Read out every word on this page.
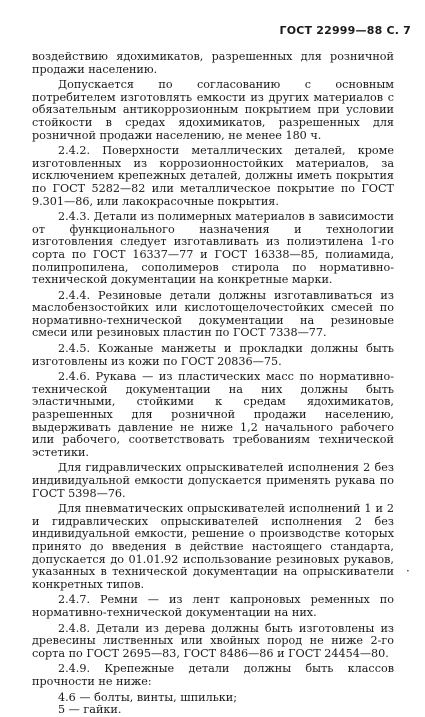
ГОСТ 22999—88 С. 7

воздействию ядохимикатов, разрешенных для розничной продажи населению.

Допускается по согласованию с основным потребителем изготовлять емкости из других материалов с обязательным антикоррозионным покрытием при условии стойкости в средах ядохимикатов, разрешенных для розничной продажи населению, не менее 180 ч.

2.4.2. Поверхности металлических деталей, кроме изготовленных из коррозионностойких материалов, за исключением крепежных деталей, должны иметь покрытия по ГОСТ 5282—82 или металлическое покрытие по ГОСТ 9.301—86, или лакокрасочные покрытия.

2.4.3. Детали из полимерных материалов в зависимости от функционального назначения и технологии изготовления следует изготавливать из полиэтилена 1-го сорта по ГОСТ 16337—77 и ГОСТ 16338—85, полиамида, полипропилена, сополимеров стирола по нормативно-технической документации на конкретные марки.

2.4.4. Резиновые детали должны изготавливаться из маслобензостойких или кислотощелочестойких смесей по нормативно-технической документации на резиновые смеси или резиновых пластин по ГОСТ 7338—77.

2.4.5. Кожаные манжеты и прокладки должны быть изготовлены из кожи по ГОСТ 20836—75.

2.4.6. Рукава — из пластических масс по нормативно-технической документации на них должны быть эластичными, стойкими к средам ядохимикатов, разрешенных для розничной продажи населению, выдерживать давление не ниже 1,2 начального рабочего или рабочего, соответствовать требованиям технической эстетики.

Для гидравлических опрыскивателей исполнения 2 без индивидуальной емкости допускается применять рукава по ГОСТ 5398—76.

Для пневматических опрыскивателей исполнений 1 и 2 и гидравлических опрыскивателей исполнения 2 без индивидуальной емкости, решение о производстве которых принято до введения в действие настоящего стандарта, допускается до 01.01.92 использование резиновых рукавов, указанных в технической документации на опрыскиватели конкретных типов.

2.4.7. Ремни — из лент капроновых ременных по нормативно-технической документации на них.

2.4.8. Детали из дерева должны быть изготовлены из древесины лиственных или хвойных пород не ниже 2-го сорта по ГОСТ 2695—83, ГОСТ 8486—86 и ГОСТ 24454—80.

2.4.9. Крепежные детали должны быть классов прочности не ниже:

4.6 — болты, винты, шпильки;

5 — гайки.

·
